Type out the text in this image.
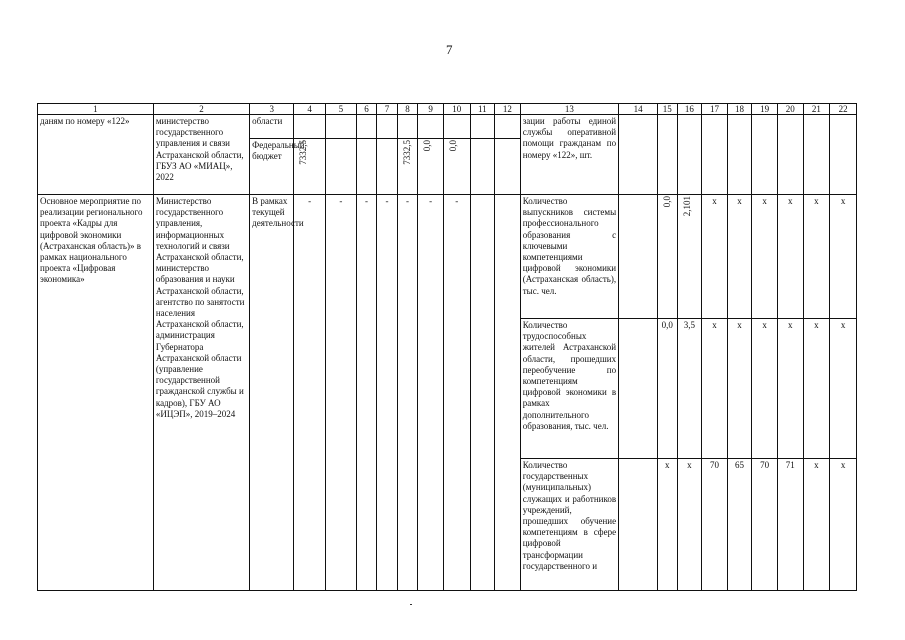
7
1	2	3	4	5	6	7	8	9	10	11	12	13	14	15	16	17	18	19	20	21	22
даням по номеру «122»	министерство государственного управления и связи Астраханской области, ГБУЗ АО «МИАЦ», 2022	области										зации работы единой службы оперативной помощи гражданам по номеру «122», шт.									
		Федеральный бюджет	7332,5				7332,5	0,0	0,0												
Основное мероприятие по реализации регионального проекта «Кадры для цифровой экономики (Астраханская область)» в рамках национального проекта «Цифровая экономика»	Министерство государственного управления, информационных технологий и связи Астраханской области, министерство образования и науки Астраханской области, агентство по занятости населения Астраханской области, администрация Губернатора Астраханской области (управление государственной гражданской службы и кадров), ГБУ АО «ИЦЭП», 2019–2024	В рамках текущей деятельности	-	-	-	-	-	-	-			Количество выпускников системы профессионального образования с ключевыми компетенциями цифровой экономики (Астраханская область), тыс. чел.		0,0	2,101	x	x	x	x	x	x
												Количество трудоспособных жителей Астраханской области, прошедших переобучение по компетенциям цифровой экономики в рамках дополнительного образования, тыс. чел.		0,0	3,5	x	x	x	x	x	x
												Количество государственных (муниципальных) служащих и работников учреждений, прошедших обучение компетенциям в сфере цифровой трансформации государственного и		x	x	70	65	70	71	x	x
